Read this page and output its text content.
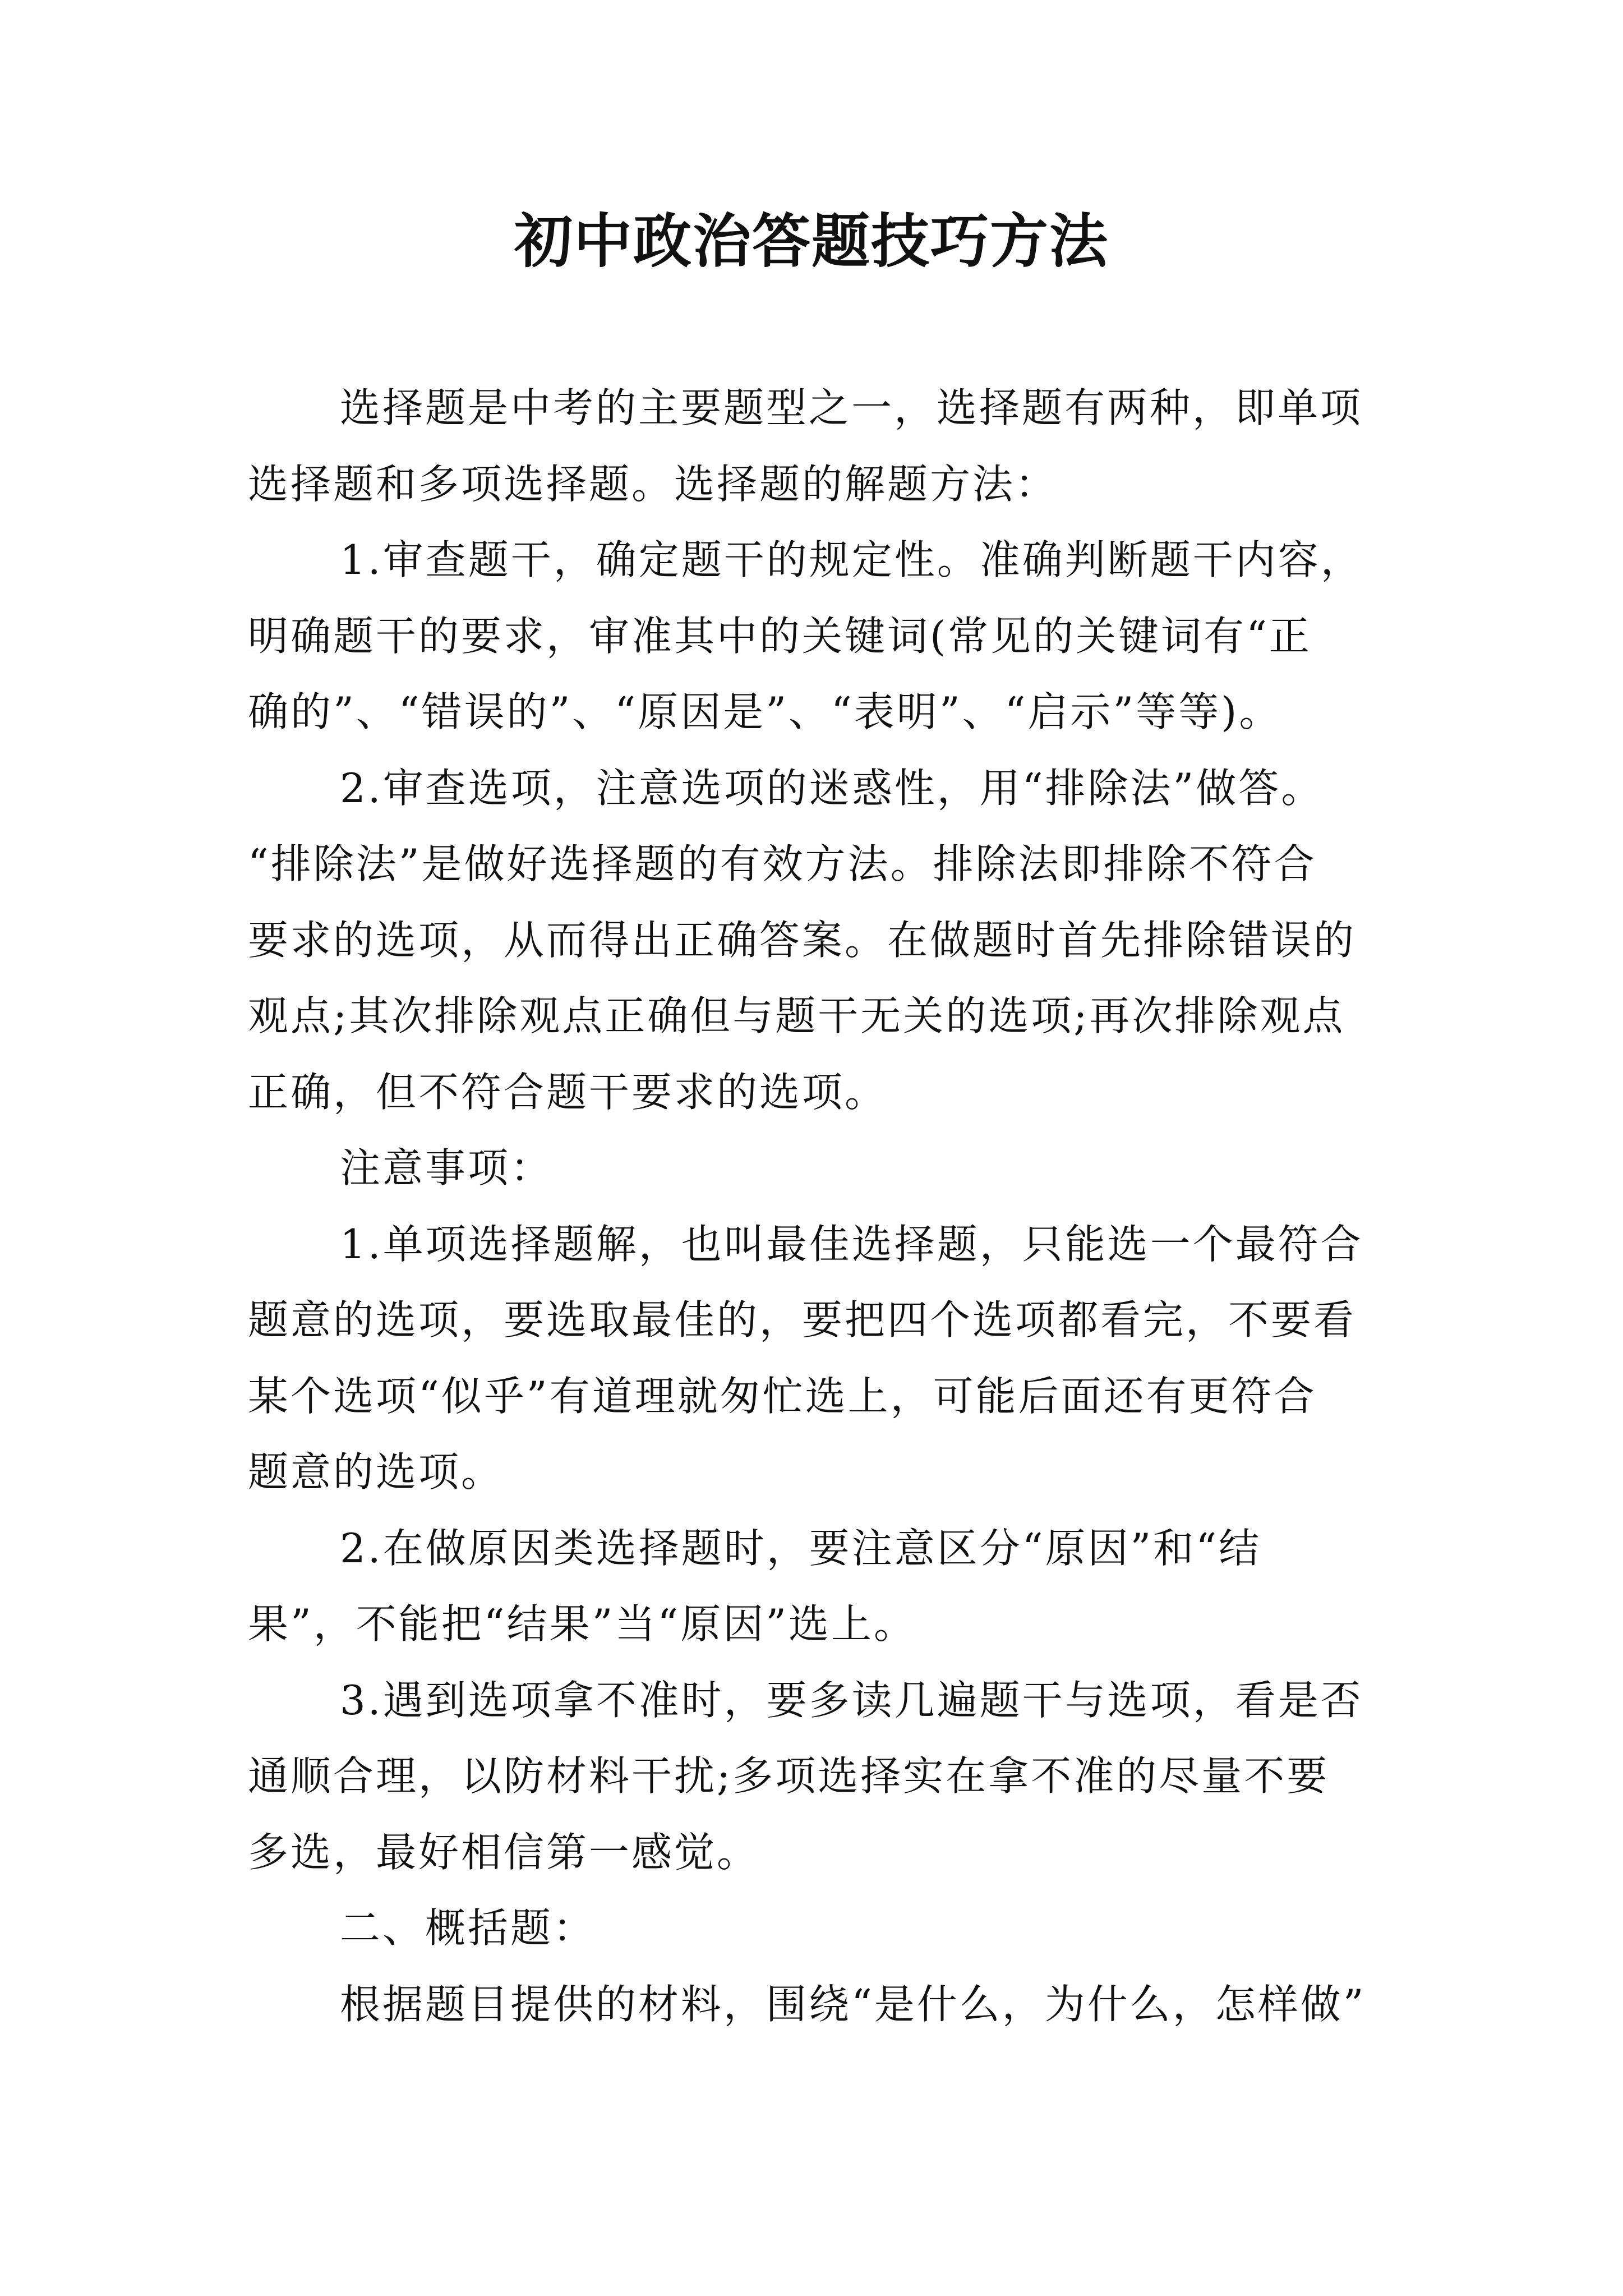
初中政治答题技巧方法

选择题是中考的主要题型之一，选择题有两种，即单项

选择题和多项选择题。选择题的解题方法：

1.审查题干，确定题干的规定性。准确判断题干内容，

明确题干的要求，审准其中的关键词(常见的关键词有“正

确的”、“错误的”、“原因是”、“表明”、“启示”等等)。

2.审查选项，注意选项的迷惑性，用“排除法”做答。

“排除法”是做好选择题的有效方法。排除法即排除不符合

要求的选项，从而得出正确答案。在做题时首先排除错误的

观点;其次排除观点正确但与题干无关的选项;再次排除观点

正确，但不符合题干要求的选项。

注意事项：

1.单项选择题解，也叫最佳选择题，只能选一个最符合

题意的选项，要选取最佳的，要把四个选项都看完，不要看

某个选项“似乎”有道理就匆忙选上，可能后面还有更符合

题意的选项。

2.在做原因类选择题时，要注意区分“原因”和“结

果”，不能把“结果”当“原因”选上。

3.遇到选项拿不准时，要多读几遍题干与选项，看是否

通顺合理，以防材料干扰;多项选择实在拿不准的尽量不要

多选，最好相信第一感觉。

二、概括题：

根据题目提供的材料，围绕“是什么，为什么，怎样做”
